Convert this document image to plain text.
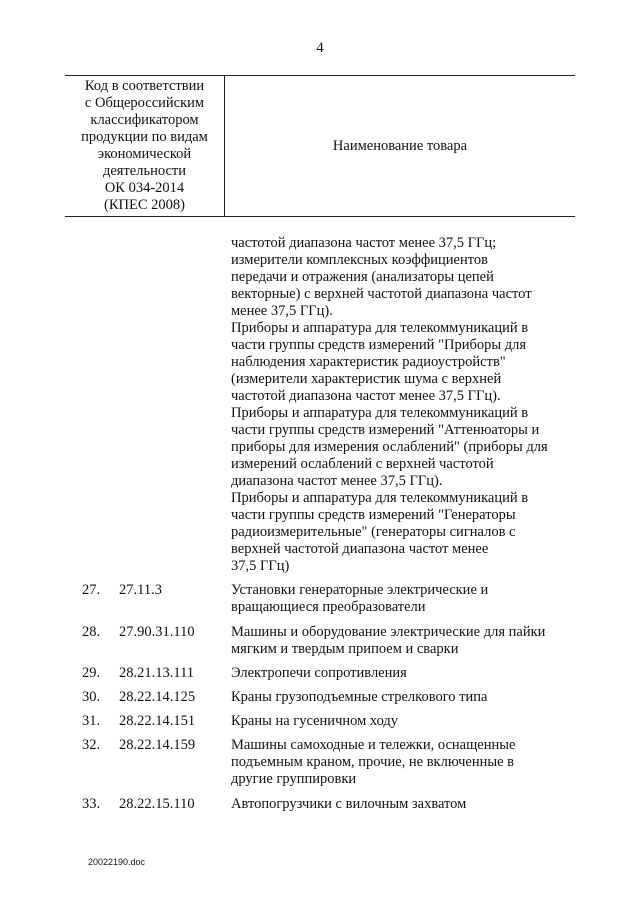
4
Код в соответствии
с Общероссийским
классификатором
продукции по видам
экономической
деятельности
ОК 034-2014
(КПЕС 2008)
Наименование товара
частотой диапазона частот менее 37,5 ГГц;
измерители комплексных коэффициентов
передачи и отражения (анализаторы цепей
векторные) с верхней частотой диапазона частот
менее 37,5 ГГц).
Приборы и аппаратура для телекоммуникаций в
части группы средств измерений "Приборы для
наблюдения характеристик радиоустройств"
(измерители характеристик шума с верхней
частотой диапазона частот менее 37,5 ГГц).
Приборы и аппаратура для телекоммуникаций в
части группы средств измерений "Аттенюаторы и
приборы для измерения ослаблений" (приборы для
измерений ослаблений с верхней частотой
диапазона частот менее 37,5 ГГц).
Приборы и аппаратура для телекоммуникаций в
части группы средств измерений "Генераторы
радиоизмерительные" (генераторы сигналов с
верхней частотой диапазона частот менее
37,5 ГГц)
27.	27.11.3	Установки генераторные электрические и
вращающиеся преобразователи
28.	27.90.31.110	Машины и оборудование электрические для пайки
мягким и твердым припоем и сварки
29.	28.21.13.111	Электропечи сопротивления
30.	28.22.14.125	Краны грузоподъемные стрелкового типа
31.	28.22.14.151	Краны на гусеничном ходу
32.	28.22.14.159	Машины самоходные и тележки, оснащенные
подъемным краном, прочие, не включенные в
другие группировки
33.	28.22.15.110	Автопогрузчики с вилочным захватом
20022190.doc
